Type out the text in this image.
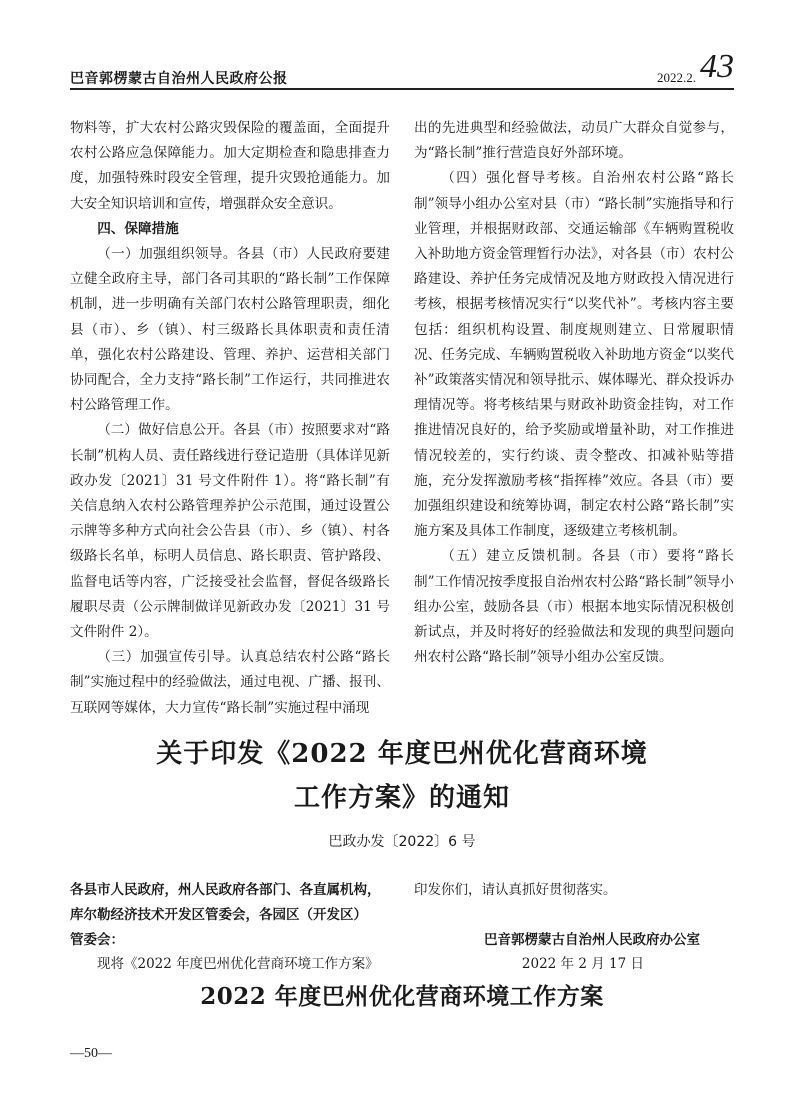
巴音郭楞蒙古自治州人民政府公报	2022.2. 43

物料等，扩大农村公路灾毁保险的覆盖面，全面提升农村公路应急保障能力。加大定期检查和隐患排查力度，加强特殊时段安全管理，提升灾毁抢通能力。加大安全知识培训和宣传，增强群众安全意识。

四、保障措施

（一）加强组织领导。各县（市）人民政府要建立健全政府主导，部门各司其职的“路长制”工作保障机制，进一步明确有关部门农村公路管理职责，细化县（市）、乡（镇）、村三级路长具体职责和责任清单，强化农村公路建设、管理、养护、运营相关部门协同配合，全力支持“路长制”工作运行，共同推进农村公路管理工作。

（二）做好信息公开。各县（市）按照要求对“路长制”机构人员、责任路线进行登记造册（具体详见新政办发〔2021〕31 号文件附件 1）。将“路长制”有关信息纳入农村公路管理养护公示范围，通过设置公示牌等多种方式向社会公告县（市）、乡（镇）、村各级路长名单，标明人员信息、路长职责、管护路段、监督电话等内容，广泛接受社会监督，督促各级路长履职尽责（公示牌制做详见新政办发〔2021〕31 号文件附件 2）。

（三）加强宣传引导。认真总结农村公路“路长制”实施过程中的经验做法，通过电视、广播、报刊、互联网等媒体，大力宣传“路长制”实施过程中涌现

出的先进典型和经验做法，动员广大群众自觉参与，为“路长制”推行营造良好外部环境。

（四）强化督导考核。自治州农村公路“路长制”领导小组办公室对县（市）“路长制”实施指导和行业管理，并根据财政部、交通运输部《车辆购置税收入补助地方资金管理暂行办法》，对各县（市）农村公路建设、养护任务完成情况及地方财政投入情况进行考核，根据考核情况实行“以奖代补”。考核内容主要包括：组织机构设置、制度规则建立、日常履职情况、任务完成、车辆购置税收入补助地方资金“以奖代补”政策落实情况和领导批示、媒体曝光、群众投诉办理情况等。将考核结果与财政补助资金挂钩，对工作推进情况良好的，给予奖励或增量补助，对工作推进情况较差的，实行约谈、责令整改、扣减补贴等措施，充分发挥激励考核“指挥棒”效应。各县（市）要加强组织建设和统筹协调，制定农村公路“路长制”实施方案及具体工作制度，逐级建立考核机制。

（五）建立反馈机制。各县（市）要将“路长制”工作情况按季度报自治州农村公路“路长制”领导小组办公室，鼓励各县（市）根据本地实际情况积极创新试点，并及时将好的经验做法和发现的典型问题向州农村公路“路长制”领导小组办公室反馈。

关于印发《2022 年度巴州优化营商环境
工作方案》的通知
巴政办发〔2022〕6 号

各县市人民政府，州人民政府各部门、各直属机构，

库尔勒经济技术开发区管委会，各园区（开发区）

管委会：

现将《2022 年度巴州优化营商环境工作方案》
印发你们，请认真抓好贯彻落实。
巴音郭楞蒙古自治州人民政府办公室
2022 年 2 月 17 日
2022 年度巴州优化营商环境工作方案
—50—
